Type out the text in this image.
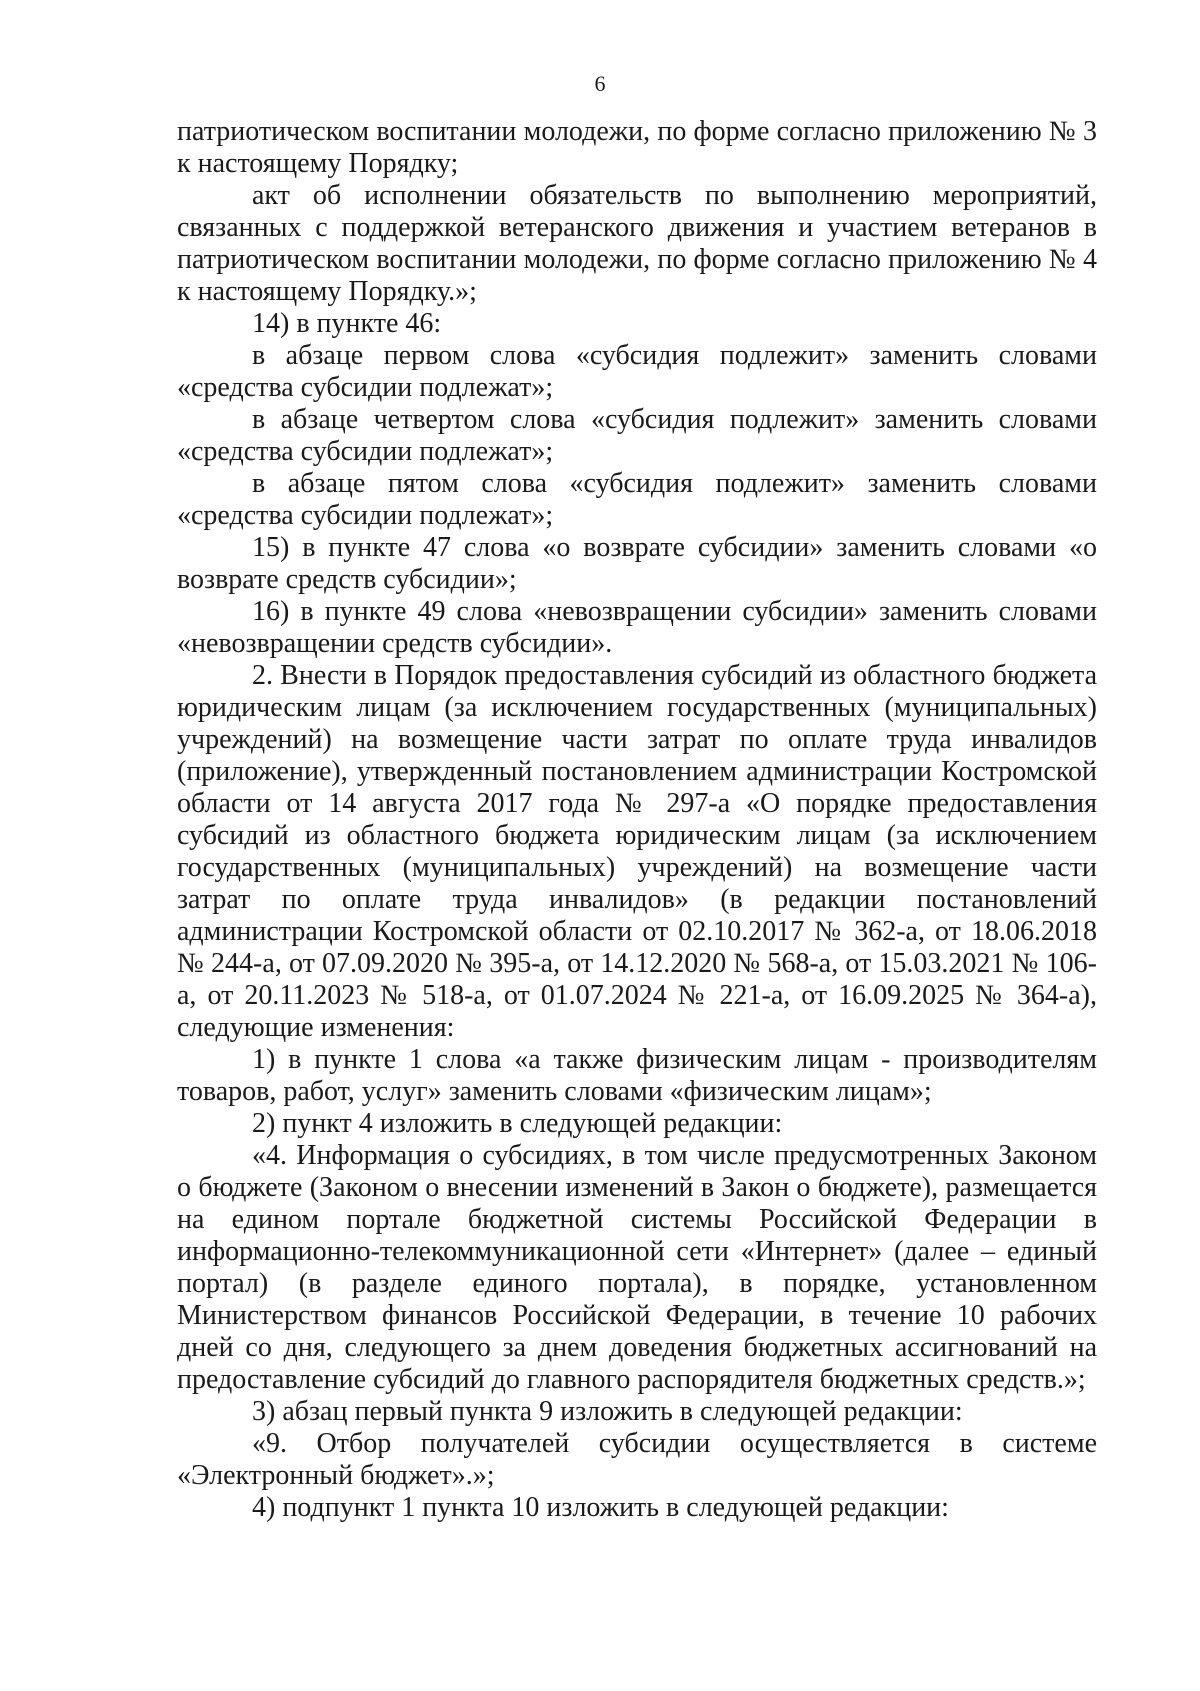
6

патриотическом воспитании молодежи, по форме согласно приложению № 3 к настоящему Порядку;

акт об исполнении обязательств по выполнению мероприятий, связанных с поддержкой ветеранского движения и участием ветеранов в патриотическом воспитании молодежи, по форме согласно приложению № 4 к настоящему Порядку.»;

14) в пункте 46:

в абзаце первом слова «субсидия подлежит» заменить словами «средства субсидии подлежат»;

в абзаце четвертом слова «субсидия подлежит» заменить словами «средства субсидии подлежат»;

в абзаце пятом слова «субсидия подлежит» заменить словами «средства субсидии подлежат»;

15) в пункте 47 слова «о возврате субсидии» заменить словами «о возврате средств субсидии»;

16) в пункте 49 слова «невозвращении субсидии» заменить словами «невозвращении средств субсидии».

2. Внести в Порядок предоставления субсидий из областного бюджета юридическим лицам (за исключением государственных (муниципальных) учреждений) на возмещение части затрат по оплате труда инвалидов (приложение), утвержденный постановлением администрации Костромской области от 14 августа 2017 года № 297-а «О порядке предоставления субсидий из областного бюджета юридическим лицам (за исключением государственных (муниципальных) учреждений) на возмещение части затрат по оплате труда инвалидов» (в редакции постановлений администрации Костромской области от 02.10.2017 № 362-а, от 18.06.2018 № 244-а, от 07.09.2020 № 395-а, от 14.12.2020 № 568-а, от 15.03.2021 № 106-а, от 20.11.2023 № 518-а, от 01.07.2024 № 221-а, от 16.09.2025 № 364-а), следующие изменения:

1) в пункте 1 слова «а также физическим лицам - производителям товаров, работ, услуг» заменить словами «физическим лицам»;

2) пункт 4 изложить в следующей редакции:

«4. Информация о субсидиях, в том числе предусмотренных Законом о бюджете (Законом о внесении изменений в Закон о бюджете), размещается на едином портале бюджетной системы Российской Федерации в информационно-телекоммуникационной сети «Интернет» (далее – единый портал) (в разделе единого портала), в порядке, установленном Министерством финансов Российской Федерации, в течение 10 рабочих дней со дня, следующего за днем доведения бюджетных ассигнований на предоставление субсидий до главного распорядителя бюджетных средств.»;

3) абзац первый пункта 9 изложить в следующей редакции:

«9. Отбор получателей субсидии осуществляется в системе «Электронный бюджет».»;

4) подпункт 1 пункта 10 изложить в следующей редакции:
